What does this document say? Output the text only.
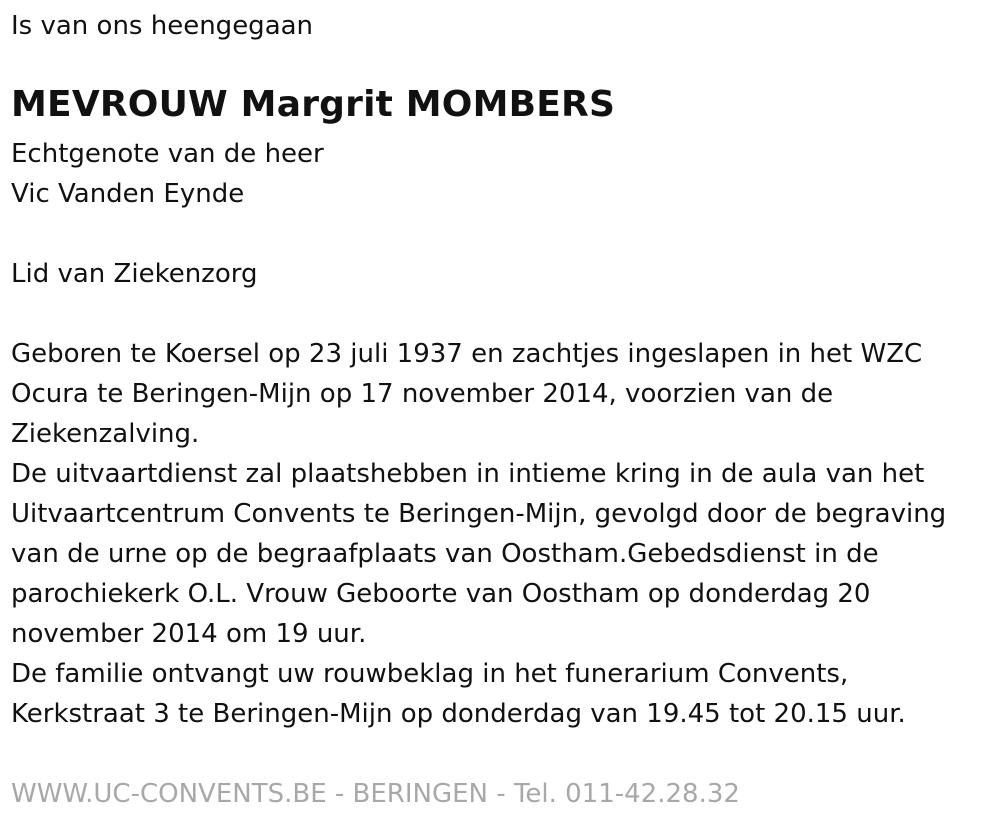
Is van ons heengegaan

MEVROUW Margrit MOMBERS

Echtgenote van de heer

Vic Vanden Eynde

Lid van Ziekenzorg

Geboren te Koersel op 23 juli 1937 en zachtjes ingeslapen in het WZC

Ocura te Beringen-Mijn op 17 november 2014, voorzien van de

Ziekenzalving.

De uitvaartdienst zal plaatshebben in intieme kring in de aula van het

Uitvaartcentrum Convents te Beringen-Mijn, gevolgd door de begraving

van de urne op de begraafplaats van Oostham.Gebedsdienst in de

parochiekerk O.L. Vrouw Geboorte van Oostham op donderdag 20

november 2014 om 19 uur.

De familie ontvangt uw rouwbeklag in het funerarium Convents,

Kerkstraat 3 te Beringen-Mijn op donderdag van 19.45 tot 20.15 uur.

WWW.UC-CONVENTS.BE - BERINGEN - Tel. 011-42.28.32
